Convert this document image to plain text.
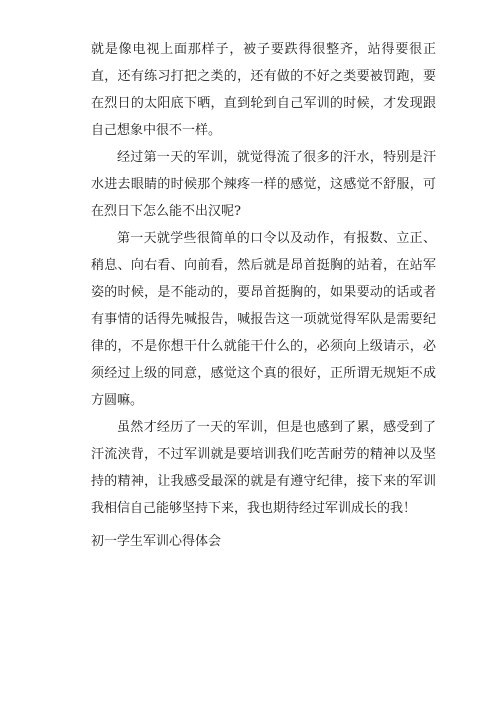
就是像电视上面那样子，被子要跌得很整齐，站得要很正直，还有练习打把之类的，还有做的不好之类要被罚跑，要在烈日的太阳底下晒，直到轮到自己军训的时候，才发现跟自己想象中很不一样。

经过第一天的军训，就觉得流了很多的汗水，特别是汗水进去眼睛的时候那个辣疼一样的感觉，这感觉不舒服，可在烈日下怎么能不出汉呢?

第一天就学些很简单的口令以及动作，有报数、立正、稍息、向右看、向前看，然后就是昂首挺胸的站着，在站军姿的时候，是不能动的，要昂首挺胸的，如果要动的话或者有事情的话得先喊报告，喊报告这一项就觉得军队是需要纪律的，不是你想干什么就能干什么的，必须向上级请示，必须经过上级的同意，感觉这个真的很好，正所谓无规矩不成方圆嘛。

虽然才经历了一天的军训，但是也感到了累，感受到了汗流浃背，不过军训就是要培训我们吃苦耐劳的精神以及坚持的精神，让我感受最深的就是有遵守纪律，接下来的军训我相信自己能够坚持下来，我也期待经过军训成长的我！

初一学生军训心得体会
